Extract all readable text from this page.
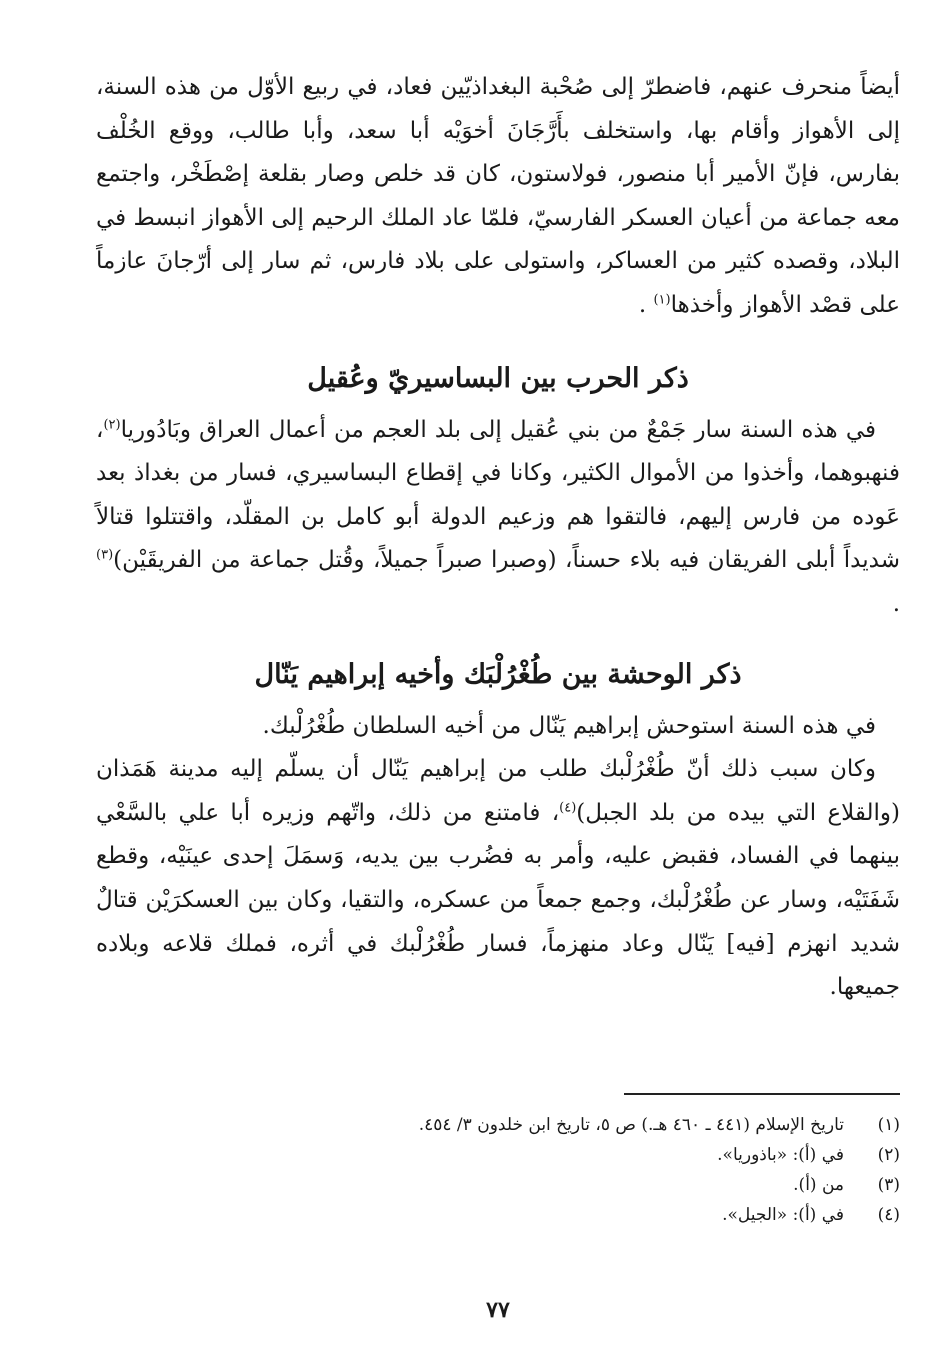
أيضاً منحرف عنهم، فاضطرّ إلى صُحْبة البغداذيّين فعاد، في ربيع الأوّل من هذه السنة، إلى الأهواز وأقام بها، واستخلف بأَرَّجَانَ أخوَيْه أبا سعد، وأبا طالب، ووقع الخُلْف بفارس، فإنّ الأمير أبا منصور، فولاستون، كان قد خلص وصار بقلعة إصْطَخْر، واجتمع معه جماعة من أعيان العسكر الفارسيّ، فلمّا عاد الملك الرحيم إلى الأهواز انبسط في البلاد، وقصده كثير من العساكر، واستولى على بلاد فارس، ثم سار إلى أرّجانَ عازماً على قصْد الأهواز وأخذها$^{(١)}$ .

ذكر الحرب بين البساسيريّ وعُقيل

في هذه السنة سار جَمْعٌ من بني عُقيل إلى بلد العجم من أعمال العراق وبَادُوريا$^{(٢)}$، فنهبوهما، وأخذوا من الأموال الكثير، وكانا في إقطاع البساسيري، فسار من بغداذ بعد عَوده من فارس إليهم، فالتقوا هم وزعيم الدولة أبو كامل بن المقلّد، واقتتلوا قتالاً شديداً أبلى الفريقان فيه بلاء حسناً، (وصبرا صبراً جميلاً، وقُتل جماعة من الفريقَيْن)$^{(٣)}$ .

ذكر الوحشة بين طُغْرُلْبَك وأخيه إبراهيم يَنّال

في هذه السنة استوحش إبراهيم يَنّال من أخيه السلطان طُغْرُلْبك.

وكان سبب ذلك أنّ طُغْرُلْبك طلب من إبراهيم يَنّال أن يسلّم إليه مدينة هَمَذان (والقلاع التي بيده من بلد الجبل)$^{(٤)}$، فامتنع من ذلك، واتّهم وزيره أبا علي بالسَّعْي بينهما في الفساد، فقبض عليه، وأمر به فضُرب بين يديه، وَسمَلَ إحدى عينَيْه، وقطع شَفَتَيْه، وسار عن طُغْرُلْبك، وجمع جمعاً من عسكره، والتقيا، وكان بين العسكرَيْن قتالٌ شديد انهزم [فيه] يَنّال وعاد منهزماً، فسار طُغْرُلْبك في أثره، فملك قلاعه وبلاده جميعها.

(١)تاريخ الإسلام (٤٤١ ـ ٤٦٠ هـ.) ص ٥، تاريخ ابن خلدون ٣/ ٤٥٤.
(٢)في (أ): «باذوريا».
(٣)من (أ).
(٤)في (أ): «الجيل».
٧٧
